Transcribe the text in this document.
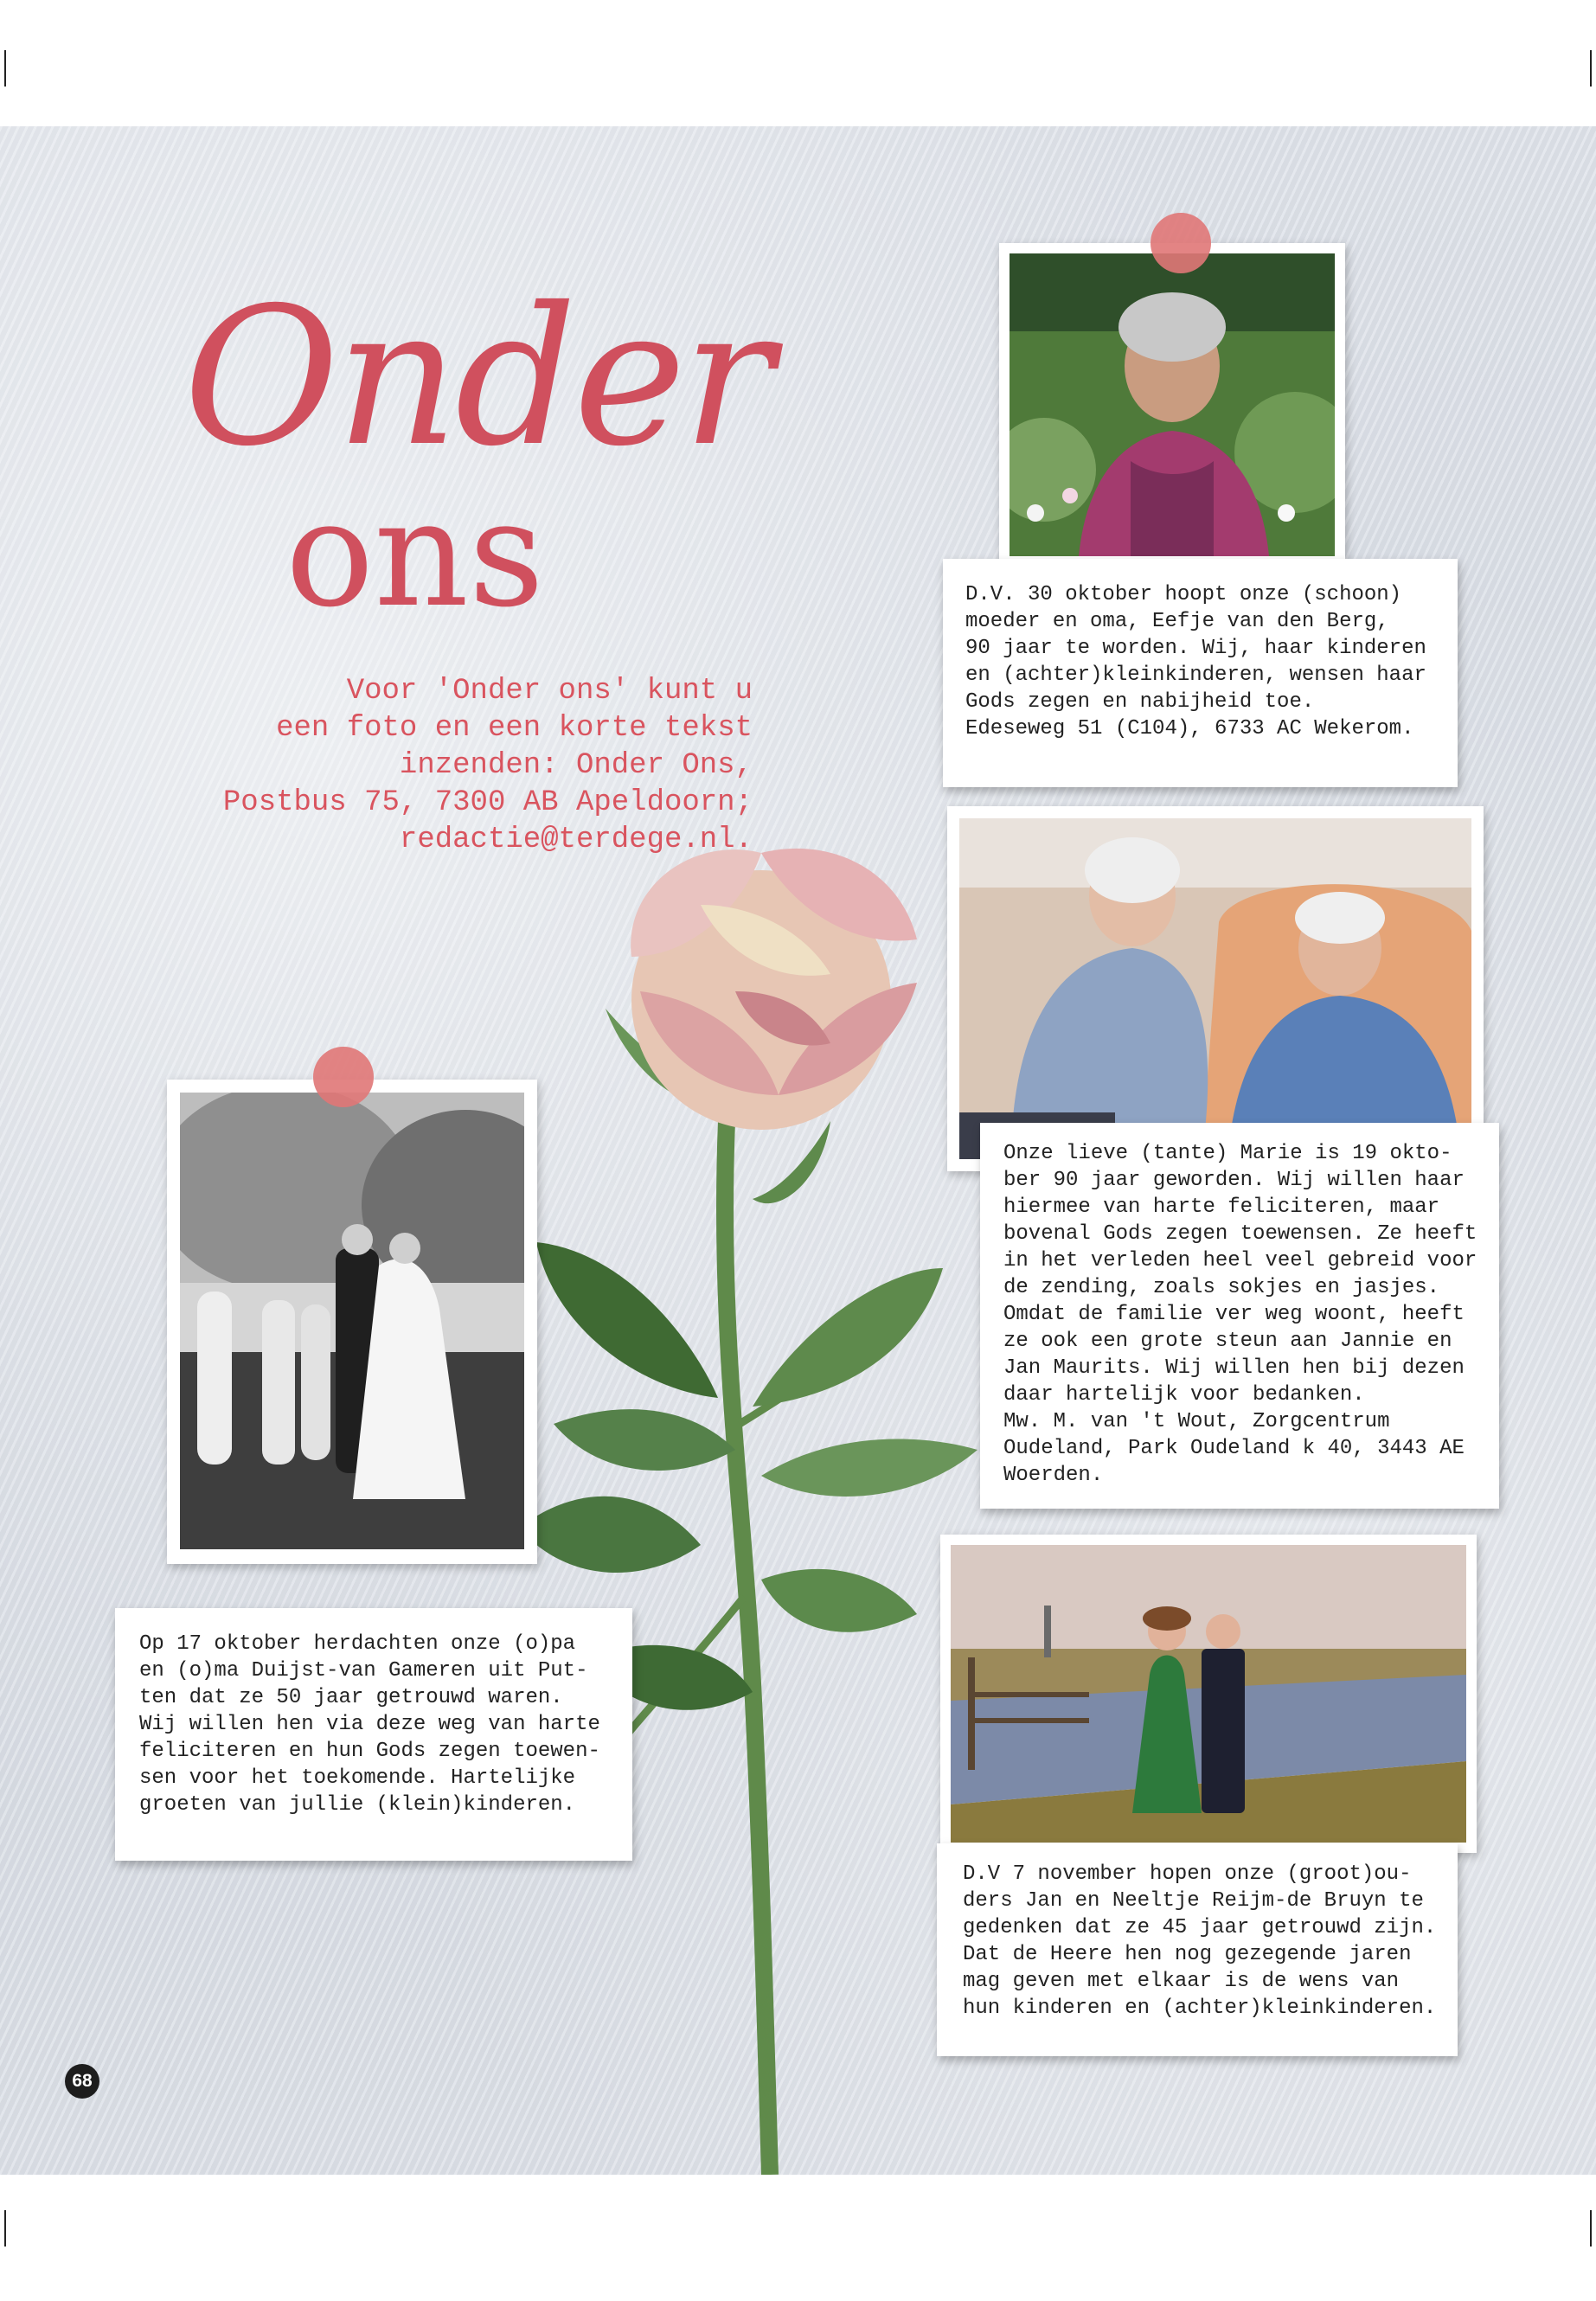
Onder
ons
Voor 'Onder ons' kunt u
een foto en een korte tekst
inzenden: Onder Ons,
Postbus 75, 7300 AB Apeldoorn;
redactie@terdege.nl.
D.V. 30 oktober hoopt onze (schoon)
moeder en oma, Eefje van den Berg,
90 jaar te worden. Wij, haar kinderen
en (achter)kleinkinderen, wensen haar
Gods zegen en nabijheid toe.
Edeseweg 51 (C104), 6733 AC Wekerom.
Onze lieve (tante) Marie is 19 okto-
ber 90 jaar geworden. Wij willen haar
hiermee van harte feliciteren, maar
bovenal Gods zegen toewensen. Ze heeft
in het verleden heel veel gebreid voor
de zending, zoals sokjes en jasjes.
Omdat de familie ver weg woont, heeft
ze ook een grote steun aan Jannie en
Jan Maurits. Wij willen hen bij dezen
daar hartelijk voor bedanken.
Mw. M. van 't Wout, Zorgcentrum
Oudeland, Park Oudeland k 40, 3443 AE
Woerden.
Op 17 oktober herdachten onze (o)pa
en (o)ma Duijst-van Gameren uit Put-
ten dat ze 50 jaar getrouwd waren.
Wij willen hen via deze weg van harte
feliciteren en hun Gods zegen toewen-
sen voor het toekomende. Hartelijke
groeten van jullie (klein)kinderen.
D.V 7 november hopen onze (groot)ou-
ders Jan en Neeltje Reijm-de Bruyn te
gedenken dat ze 45 jaar getrouwd zijn.
Dat de Heere hen nog gezegende jaren
mag geven met elkaar is de wens van
hun kinderen en (achter)kleinkinderen.
68
